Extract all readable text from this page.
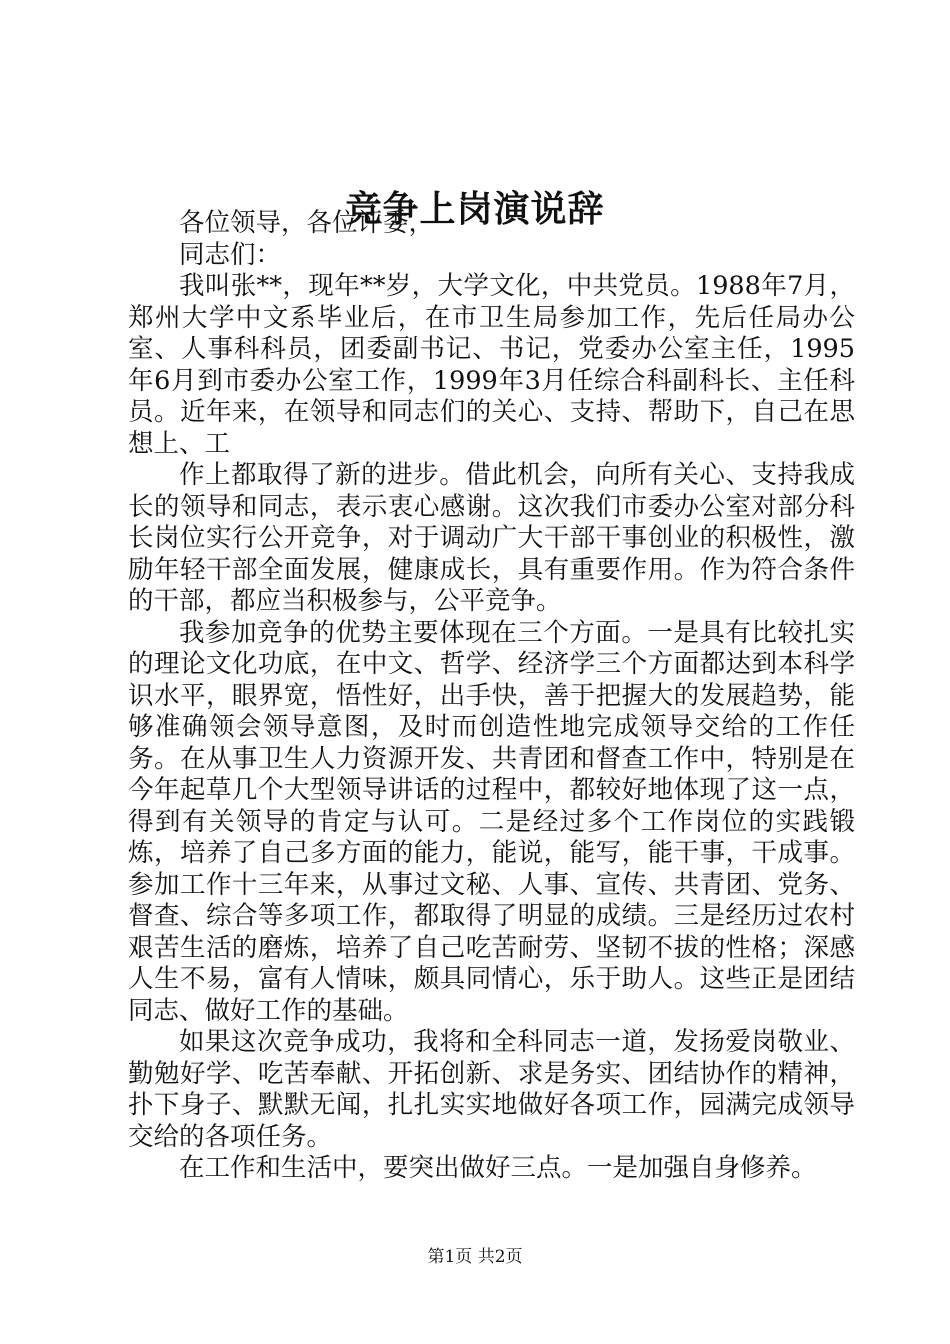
竞争上岗演说辞

各位领导，各位评委，

同志们：

我叫张**，现年**岁，大学文化，中共党员。1988年7月，郑州大学中文系毕业后，在市卫生局参加工作，先后任局办公室、人事科科员，团委副书记、书记，党委办公室主任，1995年6月到市委办公室工作，1999年3月任综合科副科长、主任科员。近年来，在领导和同志们的关心、支持、帮助下，自己在思想上、工

作上都取得了新的进步。借此机会，向所有关心、支持我成长的领导和同志，表示衷心感谢。这次我们市委办公室对部分科长岗位实行公开竞争，对于调动广大干部干事创业的积极性，激励年轻干部全面发展，健康成长，具有重要作用。作为符合条件的干部，都应当积极参与，公平竞争。

我参加竞争的优势主要体现在三个方面。一是具有比较扎实的理论文化功底，在中文、哲学、经济学三个方面都达到本科学识水平，眼界宽，悟性好，出手快，善于把握大的发展趋势，能够准确领会领导意图，及时而创造性地完成领导交给的工作任务。在从事卫生人力资源开发、共青团和督查工作中，特别是在今年起草几个大型领导讲话的过程中，都较好地体现了这一点，得到有关领导的肯定与认可。二是经过多个工作岗位的实践锻炼，培养了自己多方面的能力，能说，能写，能干事，干成事。参加工作十三年来，从事过文秘、人事、宣传、共青团、党务、督查、综合等多项工作，都取得了明显的成绩。三是经历过农村艰苦生活的磨炼，培养了自己吃苦耐劳、坚韧不拔的性格；深感人生不易，富有人情味，颇具同情心，乐于助人。这些正是团结同志、做好工作的基础。

如果这次竞争成功，我将和全科同志一道，发扬爱岗敬业、勤勉好学、吃苦奉献、开拓创新、求是务实、团结协作的精神，扑下身子、默默无闻，扎扎实实地做好各项工作，园满完成领导交给的各项任务。

在工作和生活中，要突出做好三点。一是加强自身修养。

第1页 共2页
